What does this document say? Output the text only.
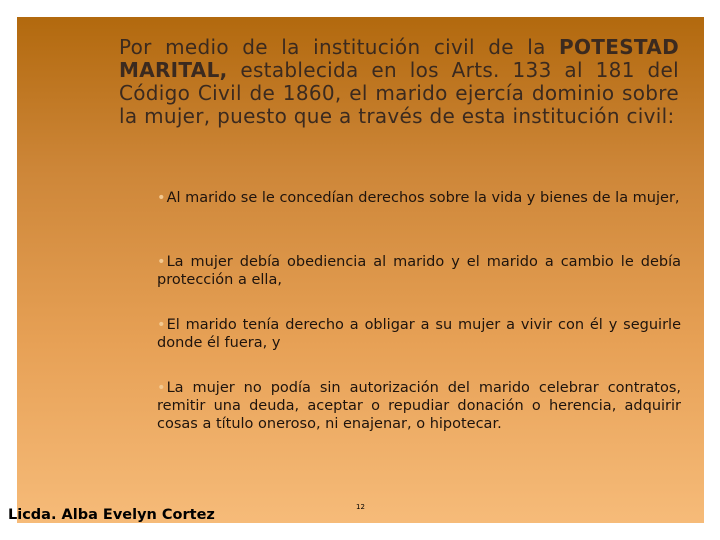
Por medio de la institución civil de la POTESTAD MARITAL, establecida en los Arts. 133 al 181 del Código Civil de 1860, el marido ejercía dominio sobre la mujer, puesto que a través de esta institución civil:

•Al marido se le concedían derechos sobre la vida y bienes de la mujer,

•La mujer debía obediencia al marido y el marido a cambio le debía protección a ella,

•El marido tenía derecho a obligar a su mujer a vivir con él y seguirle donde él fuera, y

•La mujer no podía sin autorización del marido celebrar contratos, remitir una deuda, aceptar o repudiar donación o herencia, adquirir cosas a título oneroso, ni enajenar, o hipotecar.

Licda. Alba Evelyn Cortez	12
